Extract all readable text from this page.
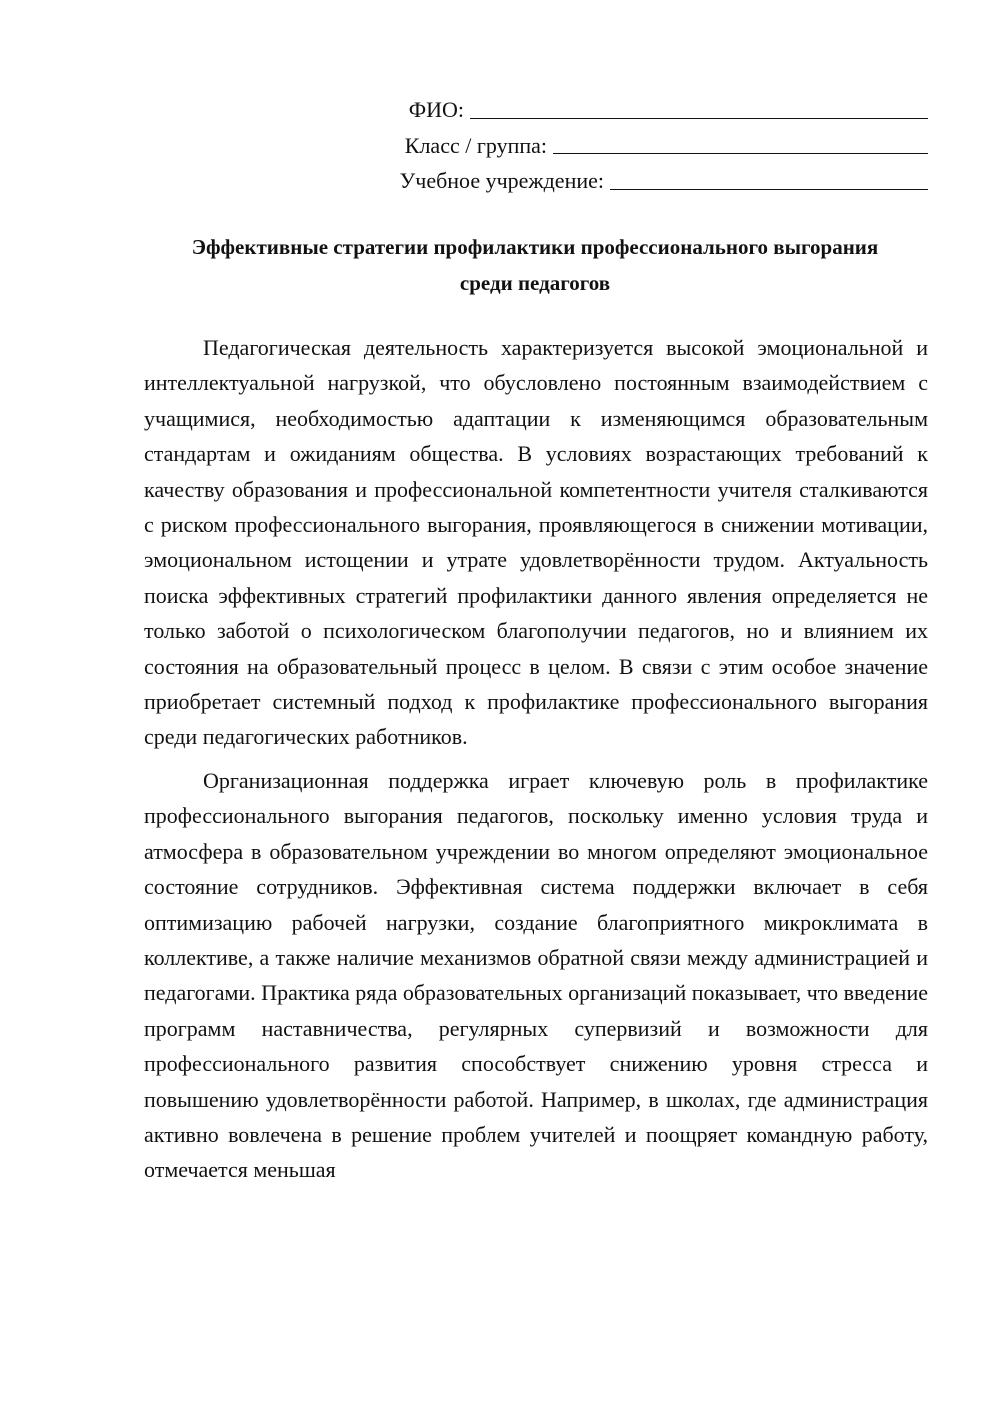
ФИО:
Класс / группа:
Учебное учреждение:
Эффективные стратегии профилактики профессионального выгорания
среди педагогов

Педагогическая деятельность характеризуется высокой эмоциональной и интеллектуальной нагрузкой, что обусловлено постоянным взаимодействием с учащимися, необходимостью адаптации к изменяющимся образовательным стандартам и ожиданиям общества. В условиях возрастающих требований к качеству образования и профессиональной компетентности учителя сталкиваются с риском профессионального выгорания, проявляющегося в снижении мотивации, эмоциональном истощении и утрате удовлетворённости трудом. Актуальность поиска эффективных стратегий профилактики данного явления определяется не только заботой о психологическом благополучии педагогов, но и влиянием их состояния на образовательный процесс в целом. В связи с этим особое значение приобретает системный подход к профилактике профессионального выгорания среди педагогических работников.

Организационная поддержка играет ключевую роль в профилактике профессионального выгорания педагогов, поскольку именно условия труда и атмосфера в образовательном учреждении во многом определяют эмоциональное состояние сотрудников. Эффективная система поддержки включает в себя оптимизацию рабочей нагрузки, создание благоприятного микроклимата в коллективе, а также наличие механизмов обратной связи между администрацией и педагогами. Практика ряда образовательных организаций показывает, что введение программ наставничества, регулярных супервизий и возможности для профессионального развития способствует снижению уровня стресса и повышению удовлетворённости работой. Например, в школах, где администрация активно вовлечена в решение проблем учителей и поощряет командную работу, отмечается меньшая
